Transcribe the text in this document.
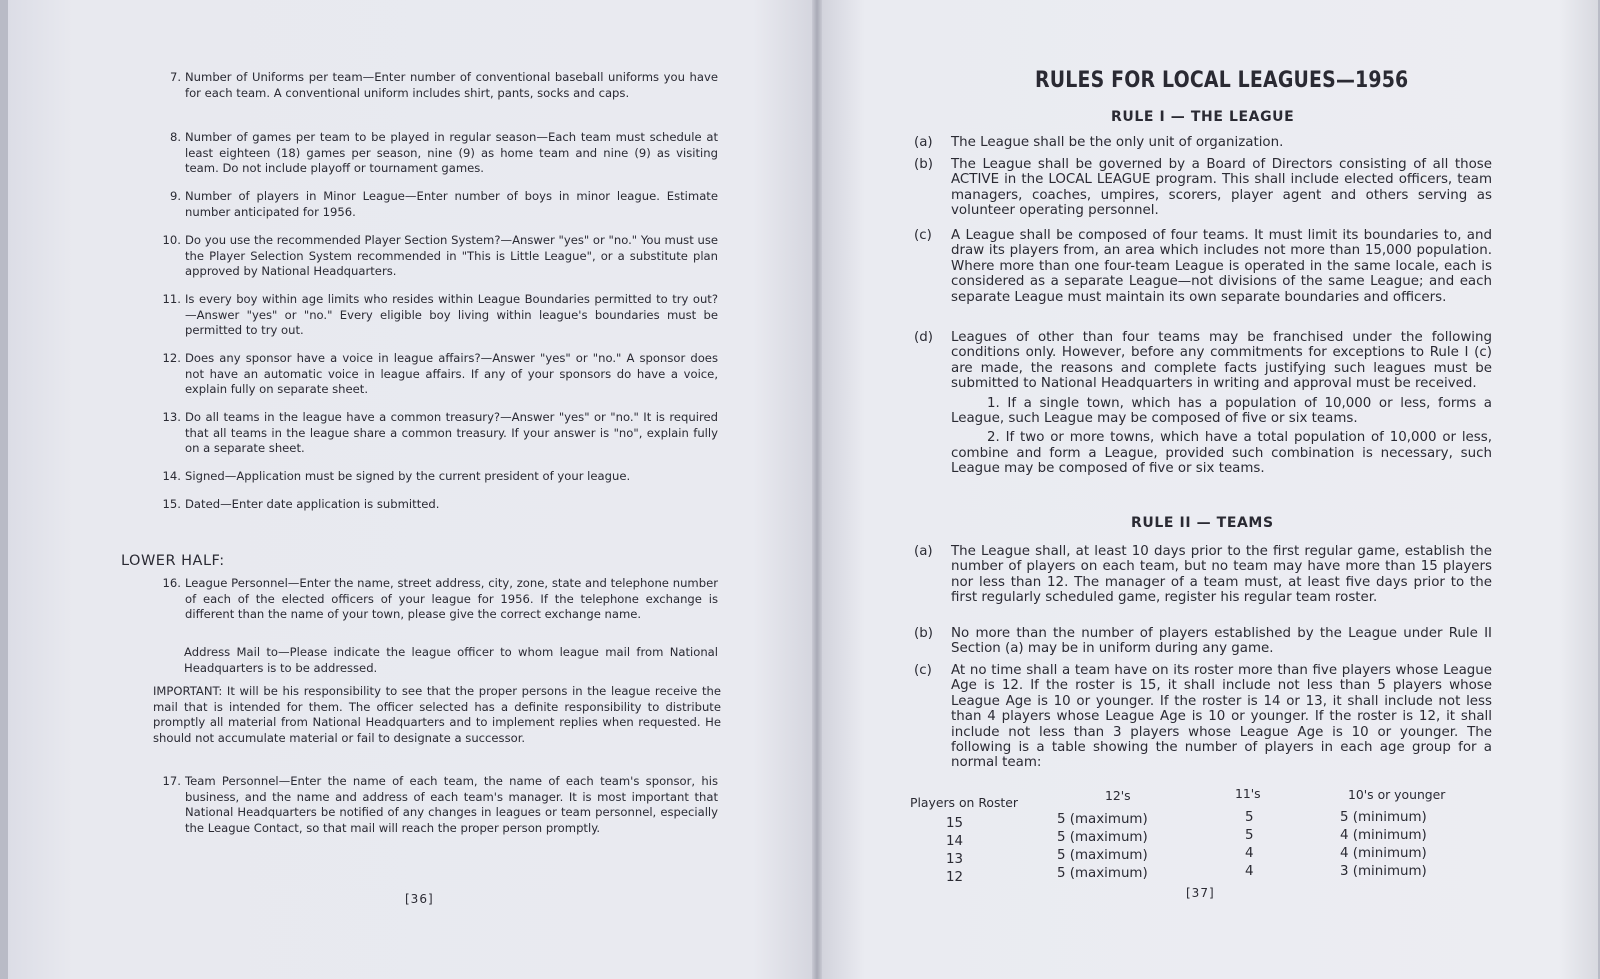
7. Number of Uniforms per team—Enter number of conventional baseball uniforms you have for each team. A conventional uniform includes shirt, pants, socks and caps.
8. Number of games per team to be played in regular season—Each team must schedule at least eighteen (18) games per season, nine (9) as home team and nine (9) as visiting team. Do not include playoff or tournament games.
9. Number of players in Minor League—Enter number of boys in minor league. Estimate number anticipated for 1956.
10. Do you use the recommended Player Section System?—Answer "yes" or "no." You must use the Player Selection System recommended in "This is Little League", or a substitute plan approved by National Headquarters.
11. Is every boy within age limits who resides within League Boundaries permitted to try out?—Answer "yes" or "no." Every eligible boy living within league's boundaries must be permitted to try out.
12. Does any sponsor have a voice in league affairs?—Answer "yes" or "no." A sponsor does not have an automatic voice in league affairs. If any of your sponsors do have a voice, explain fully on separate sheet.
13. Do all teams in the league have a common treasury?—Answer "yes" or "no." It is required that all teams in the league share a common treasury. If your answer is "no", explain fully on a separate sheet.
14. Signed—Application must be signed by the current president of your league.
15. Dated—Enter date application is submitted.
LOWER HALF:
16. League Personnel—Enter the name, street address, city, zone, state and telephone number of each of the elected officers of your league for 1956. If the telephone exchange is different than the name of your town, please give the correct exchange name.
Address Mail to—Please indicate the league officer to whom league mail from National Headquarters is to be addressed.
IMPORTANT: It will be his responsibility to see that the proper persons in the league receive the mail that is intended for them. The officer selected has a definite responsibility to distribute promptly all material from National Headquarters and to implement replies when requested. He should not accumulate material or fail to designate a successor.
17. Team Personnel—Enter the name of each team, the name of each team's sponsor, his business, and the name and address of each team's manager. It is most important that National Headquarters be notified of any changes in leagues or team personnel, especially the League Contact, so that mail will reach the proper person promptly.
[36]
RULES FOR LOCAL LEAGUES—1956
RULE I — THE LEAGUE
(a) The League shall be the only unit of organization.
(b) The League shall be governed by a Board of Directors consisting of all those ACTIVE in the LOCAL LEAGUE program. This shall include elected officers, team managers, coaches, umpires, scorers, player agent and others serving as volunteer operating personnel.
(c) A League shall be composed of four teams. It must limit its boundaries to, and draw its players from, an area which includes not more than 15,000 population. Where more than one four-team League is operated in the same locale, each is considered as a separate League—not divisions of the same League; and each separate League must maintain its own separate boundaries and officers.
(d) Leagues of other than four teams may be franchised under the following conditions only. However, before any commitments for exceptions to Rule I (c) are made, the reasons and complete facts justifying such leagues must be submitted to National Headquarters in writing and approval must be received.
1. If a single town, which has a population of 10,000 or less, forms a League, such League may be composed of five or six teams.
2. If two or more towns, which have a total population of 10,000 or less, combine and form a League, provided such combination is necessary, such League may be composed of five or six teams.
RULE II — TEAMS
(a) The League shall, at least 10 days prior to the first regular game, establish the number of players on each team, but no team may have more than 15 players nor less than 12. The manager of a team must, at least five days prior to the first regularly scheduled game, register his regular team roster.
(b) No more than the number of players established by the League under Rule II Section (a) may be in uniform during any game.
(c) At no time shall a team have on its roster more than five players whose League Age is 12. If the roster is 15, it shall include not less than 5 players whose League Age is 10 or younger. If the roster is 14 or 13, it shall include not less than 4 players whose League Age is 10 or younger. If the roster is 12, it shall include not less than 3 players whose League Age is 10 or younger. The following is a table showing the number of players in each age group for a normal team:
Players on Roster	12's	11's	10's or younger
15	5 (maximum)	5	5 (minimum)
14	5 (maximum)	5	4 (minimum)
13	5 (maximum)	4	4 (minimum)
12	5 (maximum)	4	3 (minimum)
[37]
